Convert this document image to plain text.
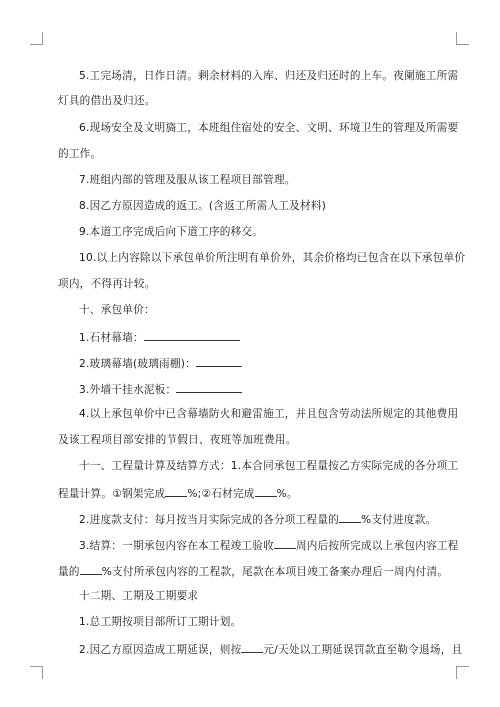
5.工完场清，日作日清。剩余材料的入库、归还及归还时的上车。夜阑施工所需
灯具的借出及归还。
6.现场安全及文明旖工，本班组住宿处的安全、文明、环境卫生的管理及所需要
的工作。
7.班组内部的管理及服从该工程项目部管理。
8.因乙方原因造成的返工。(含返工所需人工及材料)
9.本道工序完成后向下道工序的移交。
10.以上内容除以下承包单价所注明有单价外，其余价格均已包含在以下承包单价
项内，不得再计较。
十、承包单价：
1.石材幕墙：
2.玻璃幕墙(玻璃雨棚)：
3.外墙干挂水泥板：
4.以上承包单价中已含幕墙防火和避雷施工，并且包含劳动法所规定的其他费用
及该工程项目部安排的节假日、夜班等加班费用。
十一、工程量计算及结算方式：1.本合同承包工程量按乙方实际完成的各分项工
程量计算。①钢架完成 %;②石材完成 %。
2.进度款支付：每月按当月实际完成的各分项工程量的 %支付进度款。
3.结算：一期承包内容在本工程竣工验收 周内后按所完成以上承包内容工程
量的 %支付所承包内容的工程款，尾款在本项目竣工备案办理后一周内付清。
十二期、工期及工期要求
1.总工期按项目部所订工期计划。
2.因乙方原因造成工期延误，则按 元/天处以工期延误罚款直至勒令退场，且
